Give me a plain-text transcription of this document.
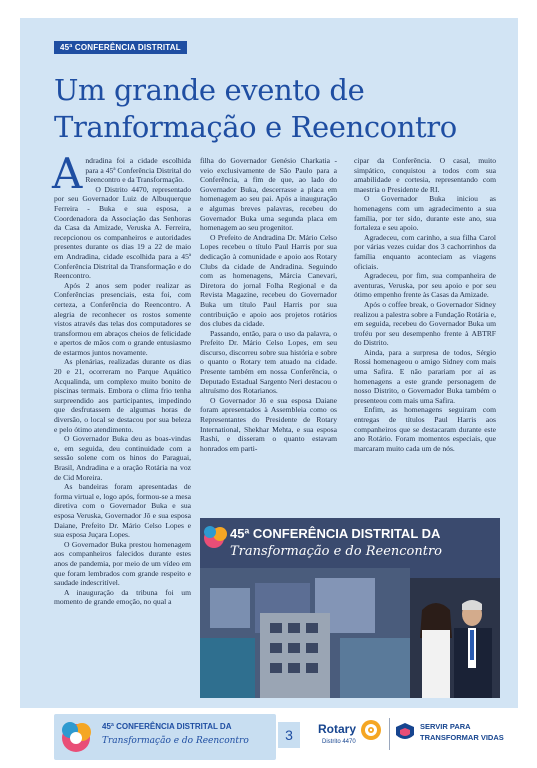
45ª CONFERÊNCIA DISTRITAL
Um grande evento de
Tranformação e Reencontro
A ndradina foi a cidade escolhida para a 45ª Conferência Distrital do Reencontro e da Transformação.

O Distrito 4470, representado por seu Governador Luiz de Albuquerque Ferreira - Buka e sua esposa, a Coordenadora da Associação das Senhoras da Casa da Amizade, Veruska A. Ferreira, recepcionou os companheiros e autoridades presentes durante os dias 19 a 22 de maio em Andradina, cidade escolhida para a 45ª Conferência Distrital da Transformação e do Reencontro.

Após 2 anos sem poder realizar as Conferências presenciais, esta foi, com certeza, a Conferência do Reencontro. A alegria de reconhecer os rostos somente vistos através das telas dos computadores se transformou em abraços cheios de felicidade e apertos de mãos com o grande entusiasmo de estarmos juntos novamente.

As plenárias, realizadas durante os dias 20 e 21, ocorreram no Parque Aquático Acqualinda, um complexo muito bonito de piscinas termais. Embora o clima frio tenha surpreendido aos participantes, impedindo que desfrutassem de algumas horas de diversão, o local se destacou por sua beleza e pelo ótimo atendimento.

O Governador Buka deu as boas-vindas e, em seguida, deu continuidade com a sessão solene com os hinos do Paraguai, Brasil, Andradina e a oração Rotária na voz de Cid Moreira.

As bandeiras foram apresentadas de forma virtual e, logo após, formou-se a mesa diretiva com o Governador Buka e sua esposa Veruska, Governador Jô e sua esposa Daiane, Prefeito Dr. Mário Celso Lopes e sua esposa Juçara Lopes.

O Governador Buka prestou homenagem aos companheiros falecidos durante estes anos de pandemia, por meio de um vídeo em que foram lembrados com grande respeito e saudade indescritível.

A inauguração da tribuna foi um momento de grande emoção, no qual a

filha do Governador Genésio Charkatia - veio exclusivamente de São Paulo para a Conferência, a fim de que, ao lado do Governador Buka, descerrasse a placa em homenagem ao seu pai. Após a inauguração e algumas breves palavras, recebeu do Governador Buka uma segunda placa em homenagem ao seu progenitor.

O Prefeito de Andradina Dr. Mário Celso Lopes recebeu o título Paul Harris por sua dedicação à comunidade e apoio aos Rotary Clubs da cidade de Andradina. Seguindo com as homenagens, Márcia Canevari, Diretora do jornal Folha Regional e da Revista Magazine, recebeu do Governador Buka um título Paul Harris por sua contribuição e apoio aos projetos rotários dos clubes da cidade.

Passando, então, para o uso da palavra, o Prefeito Dr. Mário Celso Lopes, em seu discurso, discorreu sobre sua história e sobre o quanto o Rotary tem atuado na cidade. Presente também em nossa Conferência, o Deputado Estadual Sargento Neri destacou o altruísmo dos Rotarianos.

O Governador Jô e sua esposa Daiane foram apresentados à Assembleia como os Representantes do Presidente de Rotary International, Shekhar Mehta, e sua esposa Rashi, e disseram o quanto estavam honrados em parti-

cipar da Conferência. O casal, muito simpático, conquistou a todos com sua amabilidade e cortesia, representando com maestria o Presidente de RI.

O Governador Buka iniciou as homenagens com um agradecimento a sua família, por ter sido, durante este ano, sua fortaleza e seu apoio.

Agradeceu, com carinho, a sua filha Carol por várias vezes cuidar dos 3 cachorrinhos da família enquanto aconteciam as viagens oficiais.

Agradeceu, por fim, sua companheira de aventuras, Veruska, por seu apoio e por seu ótimo empenho frente às Casas da Amizade.

Após o coffee break, o Governador Sidney realizou a palestra sobre a Fundação Rotária e, em seguida, recebeu do Governador Buka um troféu por seu desempenho frente à ABTRF do Distrito.

Ainda, para a surpresa de todos, Sérgio Rossi homenageou o amigo Sidney com mais uma Safira. E não parariam por aí as homenagens a este grande personagem de nosso Distrito, o Governador Buka também o presenteou com mais uma Safira.

Enfim, as homenagens seguiram com entregas de títulos Paul Harris aos companheiros que se destacaram durante este ano Rotário. Foram momentos especiais, que marcaram muito cada um de nós.

45ª CONFERÊNCIA DISTRITAL DA
Transformação e do Reencontro
45ª CONFERÊNCIA DISTRITAL DA
Transformação e do Reencontro	3	Rotary
Distrito 4470
SERVIR PARA
TRANSFORMAR VIDAS
